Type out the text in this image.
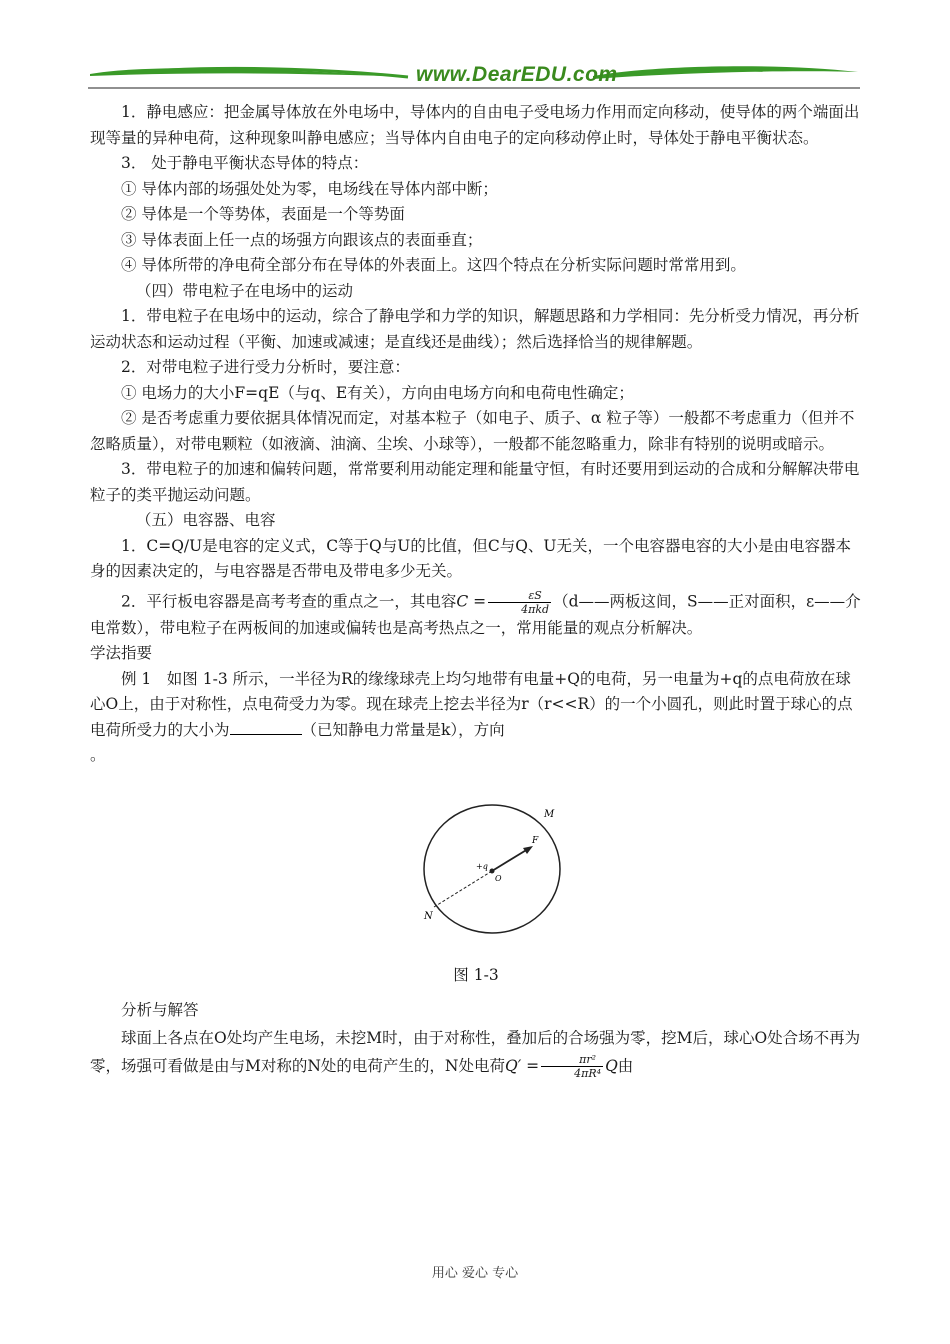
www.DearEDU.com

1．静电感应：把金属导体放在外电场中，导体内的自由电子受电场力作用而定向移动，使导体的两个端面出现等量的异种电荷，这种现象叫静电感应；当导体内自由电子的定向移动停止时，导体处于静电平衡状态。

3． 处于静电平衡状态导体的特点：

① 导体内部的场强处处为零，电场线在导体内部中断；

② 导体是一个等势体，表面是一个等势面

③ 导体表面上任一点的场强方向跟该点的表面垂直；

④ 导体所带的净电荷全部分布在导体的外表面上。这四个特点在分析实际问题时常常用到。

（四）带电粒子在电场中的运动

1．带电粒子在电场中的运动，综合了静电学和力学的知识，解题思路和力学相同：先分析受力情况，再分析运动状态和运动过程（平衡、加速或减速；是直线还是曲线）；然后选择恰当的规律解题。

2．对带电粒子进行受力分析时，要注意：

① 电场力的大小F=qE（与q、E有关），方向由电场方向和电荷电性确定；

② 是否考虑重力要依据具体情况而定，对基本粒子（如电子、质子、α 粒子等）一般都不考虑重力（但并不忽略质量），对带电颗粒（如液滴、油滴、尘埃、小球等），一般都不能忽略重力，除非有特别的说明或暗示。

3．带电粒子的加速和偏转问题，常常要利用动能定理和能量守恒，有时还要用到运动的合成和分解解决带电粒子的类平抛运动问题。

（五）电容器、电容

1．C=Q/U是电容的定义式，C等于Q与U的比值，但C与Q、U无关，一个电容器电容的大小是由电容器本身的因素决定的，与电容器是否带电及带电多少无关。

2．平行板电容器是高考考查的重点之一，其电容$C = \frac{\varepsilon S}{\text{4πkd}}$ （d——两板这间，S——正对面积，ε——介电常数），带电粒子在两板间的加速或偏转也是高考热点之一，常用能量的观点分析解决。

学法指要

例 1　如图 1-3 所示，一半径为R的缘缘球壳上均匀地带有电量+Q的电荷，另一电量为+q的点电荷放在球心O上，由于对称性，点电荷受力为零。现在球壳上挖去半径为r（r<<R）的一个小圆孔，则此时置于球心的点电荷所受力的大小为	（已知静电力常量是k），方向
。

M
N
F
+q
O

图 1-3

分析与解答

球面上各点在O处均产生电场，未挖M时，由于对称性，叠加后的合场强为零，挖M后，球心O处合场不再为零，场强可看做是由与M对称的N处的电荷产生的，N处电荷$Q' = \frac{\text{πr²}}{\text{4πR⁴}}$ Q由

用心 爱心 专心
